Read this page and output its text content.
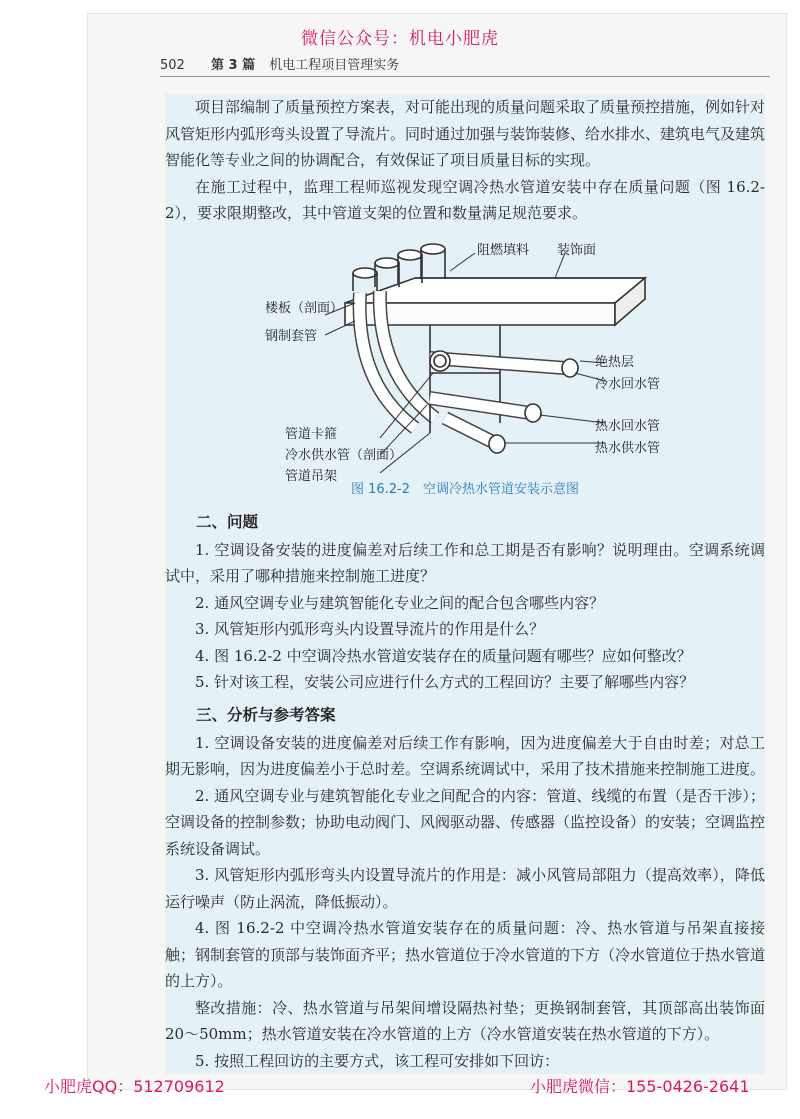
微信公众号：机电小肥虎
502 第 3 篇 机电工程项目管理实务

项目部编制了质量预控方案表，对可能出现的质量问题采取了质量预控措施，例如针对风管矩形内弧形弯头设置了导流片。同时通过加强与装饰装修、给水排水、建筑电气及建筑智能化等专业之间的协调配合，有效保证了项目质量目标的实现。

在施工过程中，监理工程师巡视发现空调冷热水管道安装中存在质量问题（图 16.2-2），要求限期整改，其中管道支架的位置和数量满足规范要求。

阻燃填料 装饰面
楼板（剖面）
钢制套管
绝热层
冷水回水管
管道卡箍
冷水供水管（剖面）
管道吊架
热水回水管
热水供水管
图 16.2-2　空调冷热水管道安装示意图
二、问题

1. 空调设备安装的进度偏差对后续工作和总工期是否有影响？说明理由。空调系统调试中，采用了哪种措施来控制施工进度？

2. 通风空调专业与建筑智能化专业之间的配合包含哪些内容？

3. 风管矩形内弧形弯头内设置导流片的作用是什么？

4. 图 16.2-2 中空调冷热水管道安装存在的质量问题有哪些？应如何整改？

5. 针对该工程，安装公司应进行什么方式的工程回访？主要了解哪些内容？

三、分析与参考答案

1. 空调设备安装的进度偏差对后续工作有影响，因为进度偏差大于自由时差；对总工期无影响，因为进度偏差小于总时差。空调系统调试中，采用了技术措施来控制施工进度。

2. 通风空调专业与建筑智能化专业之间配合的内容：管道、线缆的布置（是否干涉）；空调设备的控制参数；协助电动阀门、风阀驱动器、传感器（监控设备）的安装；空调监控系统设备调试。

3. 风管矩形内弧形弯头内设置导流片的作用是：减小风管局部阻力（提高效率），降低运行噪声（防止涡流，降低振动）。

4. 图 16.2-2 中空调冷热水管道安装存在的质量问题：冷、热水管道与吊架直接接触；钢制套管的顶部与装饰面齐平；热水管道位于冷水管道的下方（冷水管道位于热水管道的上方）。

整改措施：冷、热水管道与吊架间增设隔热衬垫；更换钢制套管，其顶部高出装饰面 20～50mm；热水管道安装在冷水管道的上方（冷水管道安装在热水管道的下方）。

5. 按照工程回访的主要方式，该工程可安排如下回访：

小肥虎QQ：512709612	小肥虎微信：155-0426-2641
